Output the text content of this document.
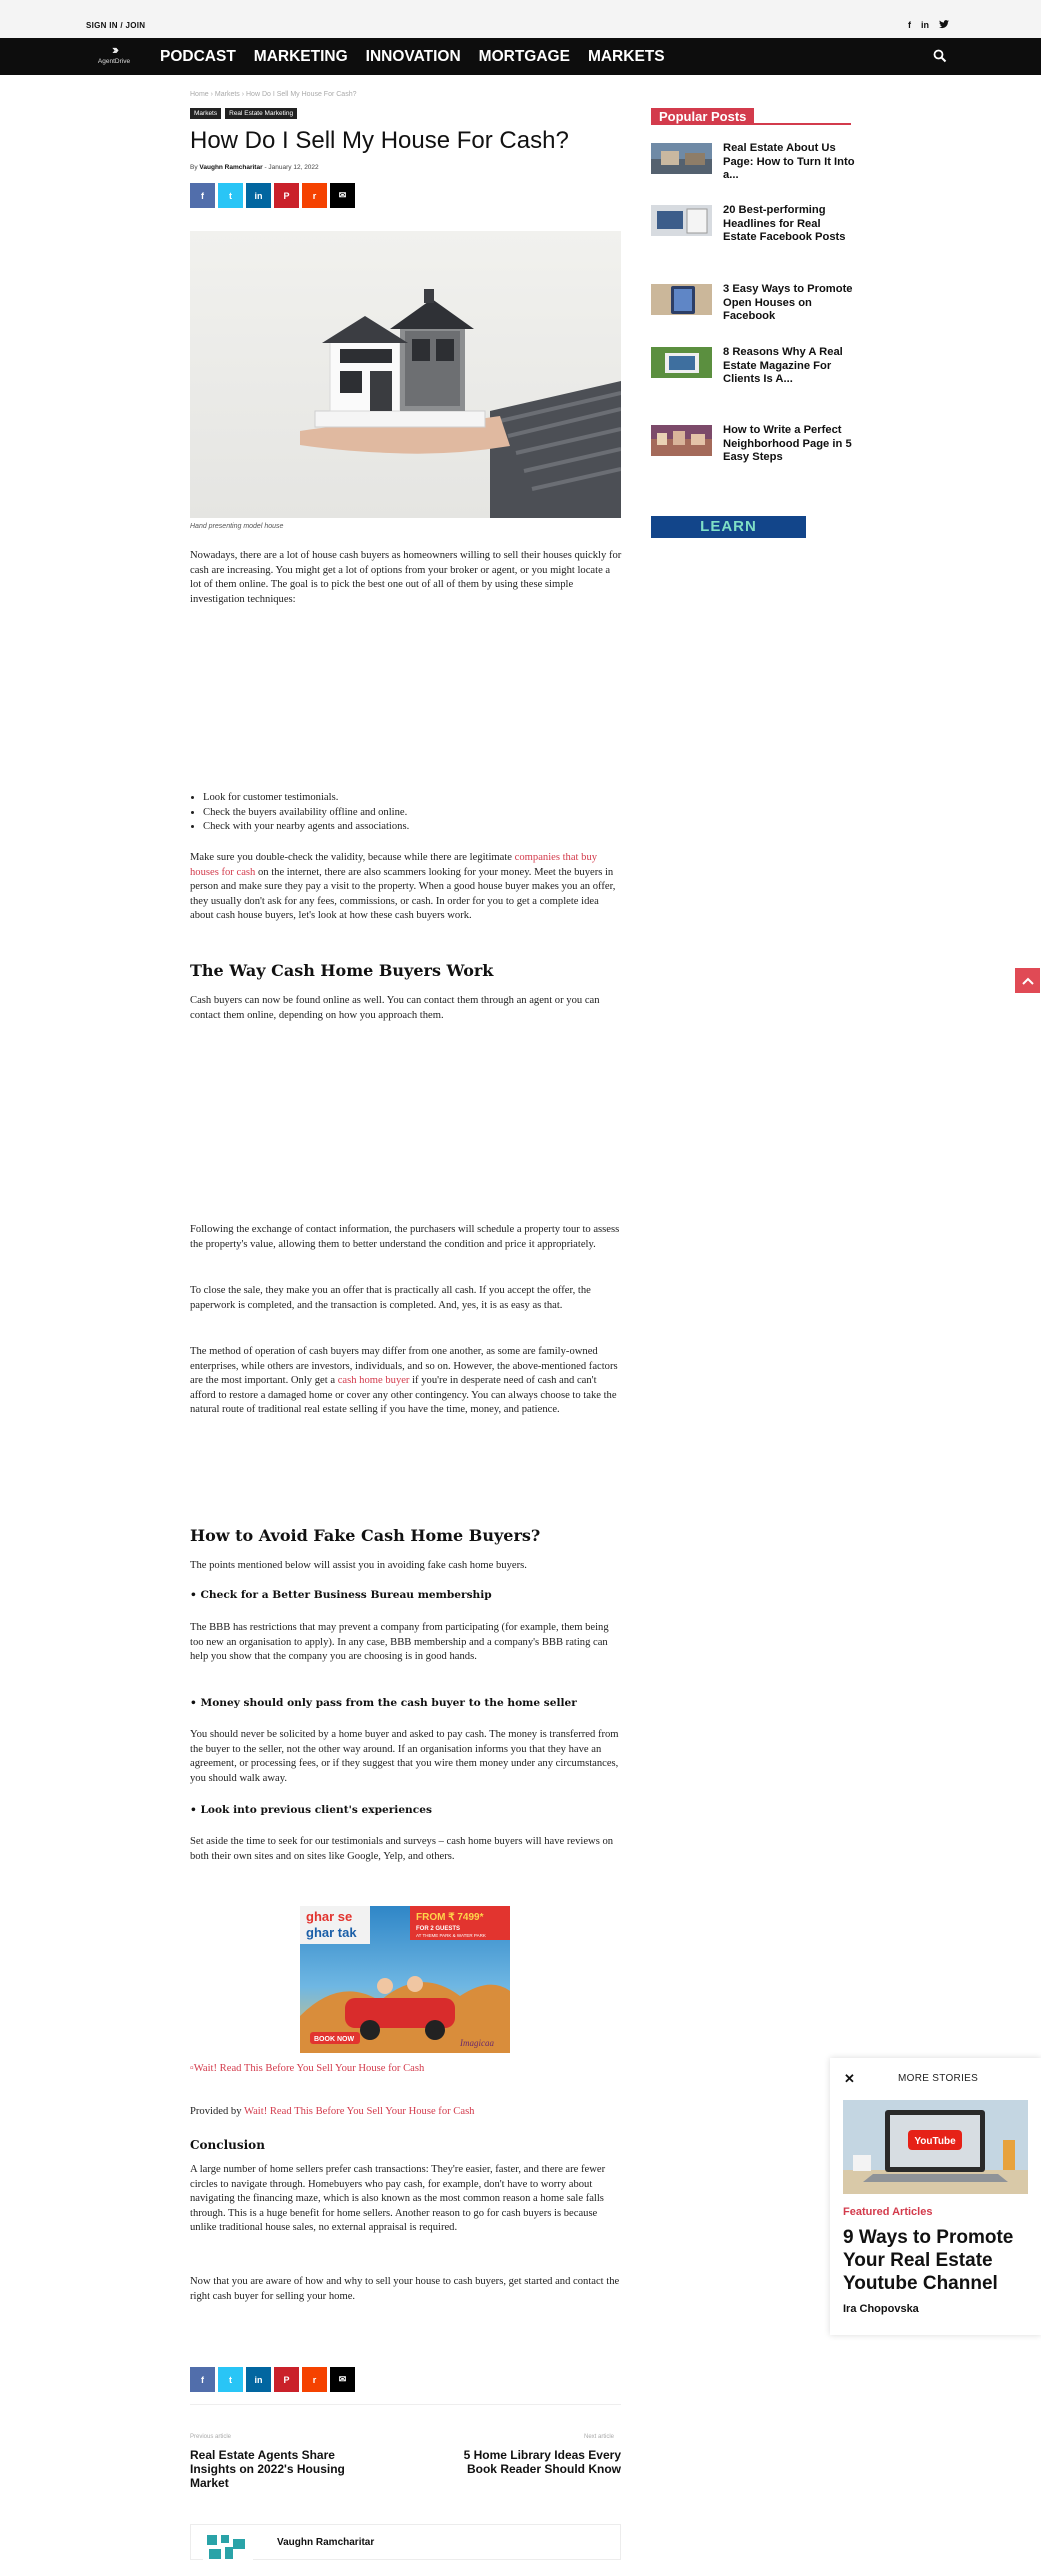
SIGN IN / JOIN	f in
›››
AgentDrive	PODCAST MARKETING INNOVATION MORTGAGE MARKETS
Home › Markets › How Do I Sell My House For Cash?
Markets	Real Estate Marketing
How Do I Sell My House For Cash?
By Vaughn Ramcharitar - January 12, 2022
f	t	in	P	r	✉
Hand presenting model house

Nowadays, there are a lot of house cash buyers as homeowners willing to sell their houses quickly for cash are increasing. You might get a lot of options from your broker or agent, or you might locate a lot of them online. The goal is to pick the best one out of all of them by using these simple investigation techniques:

• Look for customer testimonials.
• Check the buyers availability offline and online.
• Check with your nearby agents and associations.

Make sure you double-check the validity, because while there are legitimate companies that buy houses for cash on the internet, there are also scammers looking for your money. Meet the buyers in person and make sure they pay a visit to the property. When a good house buyer makes you an offer, they usually don't ask for any fees, commissions, or cash. In order for you to get a complete idea about cash house buyers, let's look at how these cash buyers work.

The Way Cash Home Buyers Work

Cash buyers can now be found online as well. You can contact them through an agent or you can contact them online, depending on how you approach them.

Following the exchange of contact information, the purchasers will schedule a property tour to assess the property's value, allowing them to better understand the condition and price it appropriately.

To close the sale, they make you an offer that is practically all cash. If you accept the offer, the paperwork is completed, and the transaction is completed. And, yes, it is as easy as that.

The method of operation of cash buyers may differ from one another, as some are family-owned enterprises, while others are investors, individuals, and so on. However, the above-mentioned factors are the most important. Only get a cash home buyer if you're in desperate need of cash and can't afford to restore a damaged home or cover any other contingency. You can always choose to take the natural route of traditional real estate selling if you have the time, money, and patience.

How to Avoid Fake Cash Home Buyers?

The points mentioned below will assist you in avoiding fake cash home buyers.

• Check for a Better Business Bureau membership

The BBB has restrictions that may prevent a company from participating (for example, them being too new an organisation to apply). In any case, BBB membership and a company's BBB rating can help you show that the company you are choosing is in good hands.

• Money should only pass from the cash buyer to the home seller

You should never be solicited by a home buyer and asked to pay cash. The money is transferred from the buyer to the seller, not the other way around. If an organisation informs you that they have an agreement, or processing fees, or if they suggest that you wire them money under any circumstances, you should walk away.

• Look into previous client's experiences

Set aside the time to seek for our testimonials and surveys – cash home buyers will have reviews on both their own sites and on sites like Google, Yelp, and others.

ghar se
ghar tak
FROM ₹ 7499*
FOR 2 GUESTS
AT THEME PARK & WATER PARK
BOOK NOW	Imagicaa
▫Wait! Read This Before You Sell Your House for Cash

Provided by Wait! Read This Before You Sell Your House for Cash

Conclusion

A large number of home sellers prefer cash transactions: They're easier, faster, and there are fewer circles to navigate through. Homebuyers who pay cash, for example, don't have to worry about navigating the financing maze, which is also known as the most common reason a home sale falls through. This is a huge benefit for home sellers. Another reason to go for cash buyers is because unlike traditional house sales, no external appraisal is required.

Now that you are aware of how and why to sell your house to cash buyers, get started and contact the right cash buyer for selling your home.

f	t	in	P	r	✉
Previous article
Real Estate Agents Share Insights on 2022's Housing Market
Next article
5 Home Library Ideas Every Book Reader Should Know
Vaughn Ramcharitar
Popular Posts
Real Estate About Us Page: How to Turn It Into a...
20 Best-performing Headlines for Real Estate Facebook Posts
3 Easy Ways to Promote Open Houses on Facebook
8 Reasons Why A Real Estate Magazine For Clients Is A...
How to Write a Perfect Neighborhood Page in 5 Easy Steps
LEARN
✕	MORE STORIES
YouTube
Featured Articles
9 Ways to Promote Your Real Estate Youtube Channel
Ira Chopovska
